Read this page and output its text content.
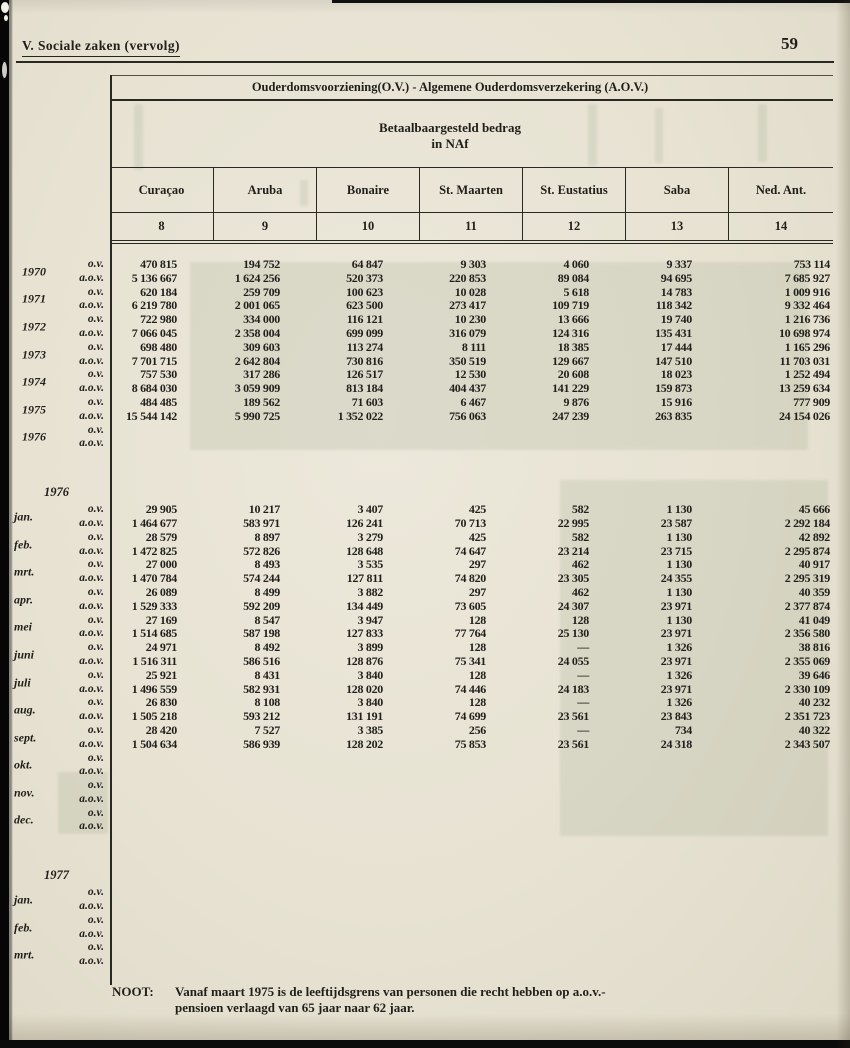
V. Sociale zaken (vervolg)	59
Ouderdomsvoorziening(O.V.) - Algemene Ouderdomsverzekering (A.O.V.)
Betaalbaargesteld bedrag
in NAf
Curaçao	Aruba	Bonaire	St. Maarten	St. Eustatius	Saba	Ned. Ant.
8	9	10	11	12	13	14
1970
o.v.	470 815	194 752	64 847	9 303	4 060	9 337	753 114
a.o.v.	5 136 667	1 624 256	520 373	220 853	89 084	94 695	7 685 927
1971
o.v.	620 184	259 709	100 623	10 028	5 618	14 783	1 009 916
a.o.v.	6 219 780	2 001 065	623 500	273 417	109 719	118 342	9 332 464
1972
o.v.	722 980	334 000	116 121	10 230	13 666	19 740	1 216 736
a.o.v.	7 066 045	2 358 004	699 099	316 079	124 316	135 431	10 698 974
1973
o.v.	698 480	309 603	113 274	8 111	18 385	17 444	1 165 296
a.o.v.	7 701 715	2 642 804	730 816	350 519	129 667	147 510	11 703 031
1974
o.v.	757 530	317 286	126 517	12 530	20 608	18 023	1 252 494
a.o.v.	8 684 030	3 059 909	813 184	404 437	141 229	159 873	13 259 634
1975
o.v.	484 485	189 562	71 603	6 467	9 876	15 916	777 909
a.o.v.	15 544 142	5 990 725	1 352 022	756 063	247 239	263 835	24 154 026
1976
o.v.
a.o.v.
1976
jan.
o.v.	29 905	10 217	3 407	425	582	1 130	45 666
a.o.v.	1 464 677	583 971	126 241	70 713	22 995	23 587	2 292 184
feb.
o.v.	28 579	8 897	3 279	425	582	1 130	42 892
a.o.v.	1 472 825	572 826	128 648	74 647	23 214	23 715	2 295 874
mrt.
o.v.	27 000	8 493	3 535	297	462	1 130	40 917
a.o.v.	1 470 784	574 244	127 811	74 820	23 305	24 355	2 295 319
apr.
o.v.	26 089	8 499	3 882	297	462	1 130	40 359
a.o.v.	1 529 333	592 209	134 449	73 605	24 307	23 971	2 377 874
mei
o.v.	27 169	8 547	3 947	128	128	1 130	41 049
a.o.v.	1 514 685	587 198	127 833	77 764	25 130	23 971	2 356 580
juni
o.v.	24 971	8 492	3 899	128	—	1 326	38 816
a.o.v.	1 516 311	586 516	128 876	75 341	24 055	23 971	2 355 069
juli
o.v.	25 921	8 431	3 840	128	—	1 326	39 646
a.o.v.	1 496 559	582 931	128 020	74 446	24 183	23 971	2 330 109
aug.
o.v.	26 830	8 108	3 840	128	—	1 326	40 232
a.o.v.	1 505 218	593 212	131 191	74 699	23 561	23 843	2 351 723
sept.
o.v.	28 420	7 527	3 385	256	—	734	40 322
a.o.v.	1 504 634	586 939	128 202	75 853	23 561	24 318	2 343 507
okt.
o.v.
a.o.v.
nov.
o.v.
a.o.v.
dec.
o.v.
a.o.v.
1977
jan.
o.v.
a.o.v.
feb.
o.v.
a.o.v.
mrt.
o.v.
a.o.v.
NOOT: Vanaf maart 1975 is de leeftijdsgrens van personen die recht hebben op a.o.v.-
pensioen verlaagd van 65 jaar naar 62 jaar.
